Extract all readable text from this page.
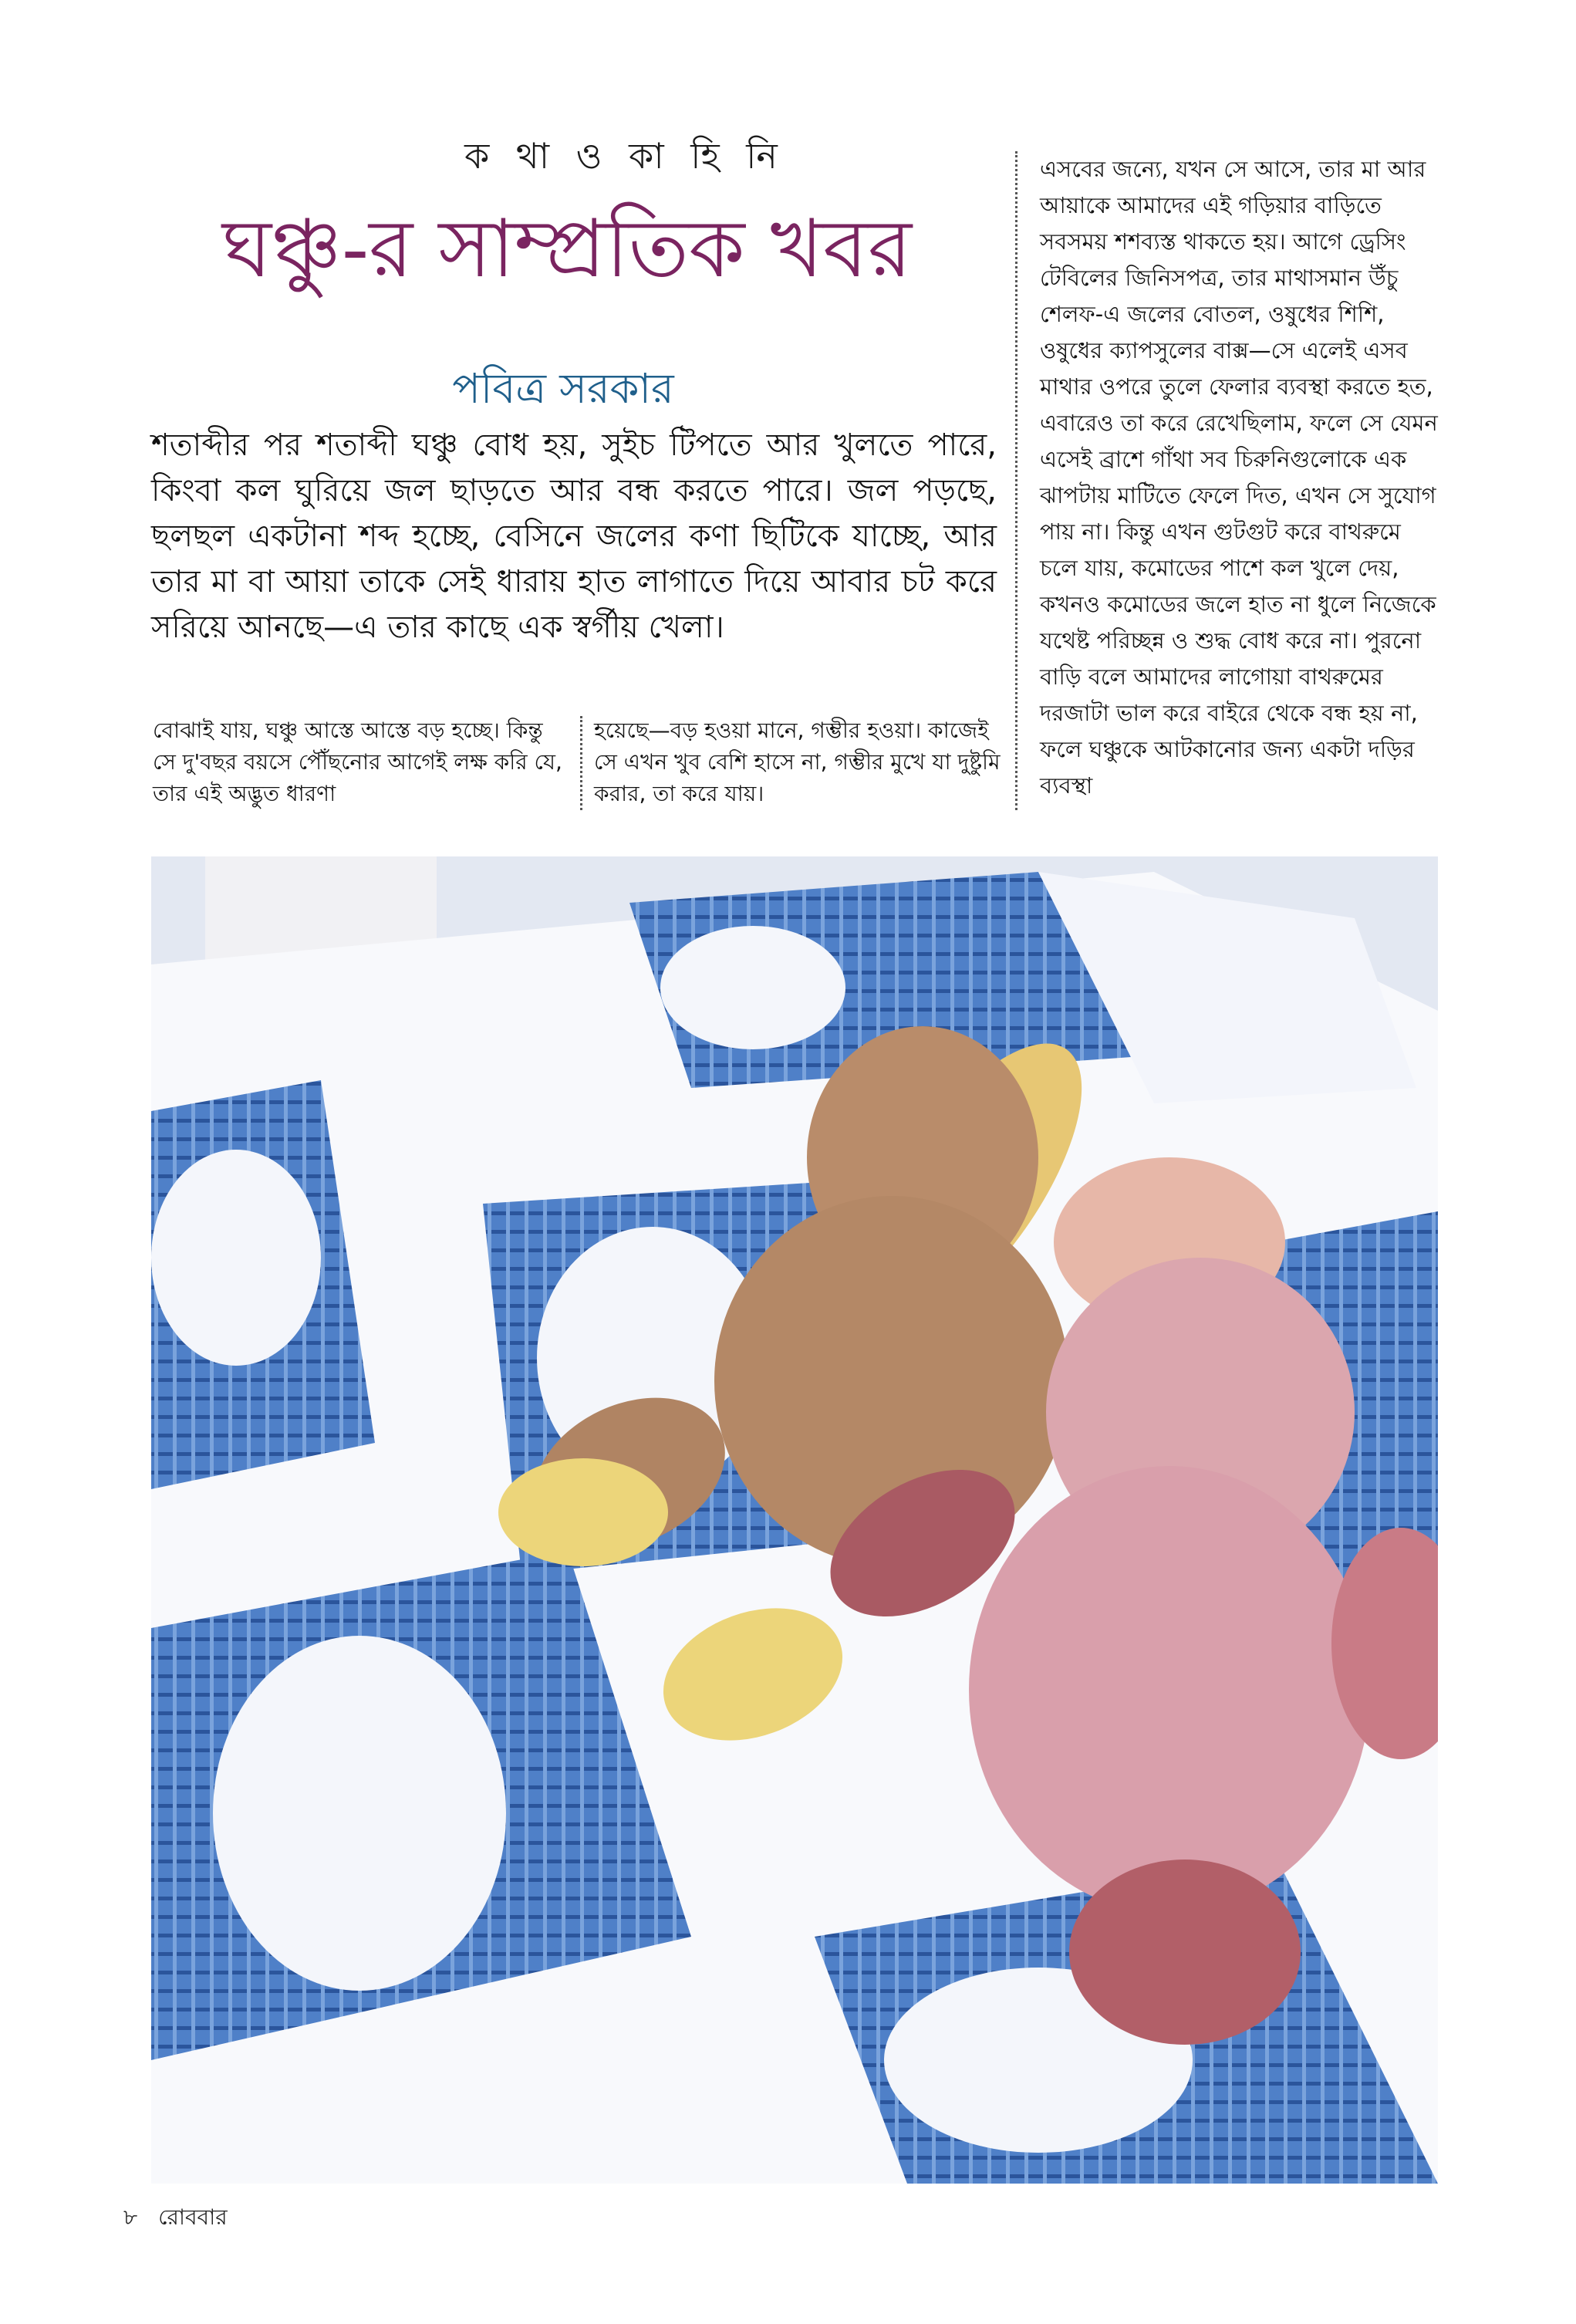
ক থা ও কা হি নি
ঘঞ্চু-র সাম্প্রতিক খবর
পবিত্র সরকার
শতাব্দীর পর শতাব্দী ঘঞ্চু বোধ হয়, সুইচ টিপতে আর খুলতে পারে, কিংবা কল ঘুরিয়ে জল ছাড়তে আর বন্ধ করতে পারে। জল পড়ছে, ছলছল একটানা শব্দ হচ্ছে, বেসিনে জলের কণা ছিটিকে যাচ্ছে, আর তার মা বা আয়া তাকে সেই ধারায় হাত লাগাতে দিয়ে আবার চট করে সরিয়ে আনছে—এ তার কাছে এক স্বর্গীয় খেলা।
বোঝাই যায়, ঘঞ্চু আস্তে আস্তে বড় হচ্ছে। কিন্তু সে দু'বছর বয়সে পৌঁছনোর আগেই লক্ষ করি যে, তার এই অদ্ভুত ধারণা
হয়েছে—বড় হওয়া মানে, গম্ভীর হওয়া। কাজেই সে এখন খুব বেশি হাসে না, গম্ভীর মুখে যা দুষ্টুমি করার, তা করে যায়।
এসবের জন্যে, যখন সে আসে, তার মা আর আয়াকে আমাদের এই গড়িয়ার বাড়িতে সবসময় শশব্যস্ত থাকতে হয়। আগে ড্রেসিং টেবিলের জিনিসপত্র, তার মাথাসমান উঁচু শেলফ-এ জলের বোতল, ওষুধের শিশি, ওষুধের ক্যাপসুলের বাক্স—সে এলেই এসব মাথার ওপরে তুলে ফেলার ব্যবস্থা করতে হত, এবারেও তা করে রেখেছিলাম, ফলে সে যেমন এসেই ব্রাশে গাঁথা সব চিরুনিগুলোকে এক ঝাপটায় মাটিতে ফেলে দিত, এখন সে সুযোগ পায় না। কিন্তু এখন গুটগুট করে বাথরুমে চলে যায়, কমোডের পাশে কল খুলে দেয়, কখনও কমোডের জলে হাত না ধুলে নিজেকে যথেষ্ট পরিচ্ছন্ন ও শুদ্ধ বোধ করে না। পুরনো বাড়ি বলে আমাদের লাগোয়া বাথরুমের দরজাটা ভাল করে বাইরে থেকে বন্ধ হয় না, ফলে ঘঞ্চুকে আটকানোর জন্য একটা দড়ির ব্যবস্থা
৮ রোববার
